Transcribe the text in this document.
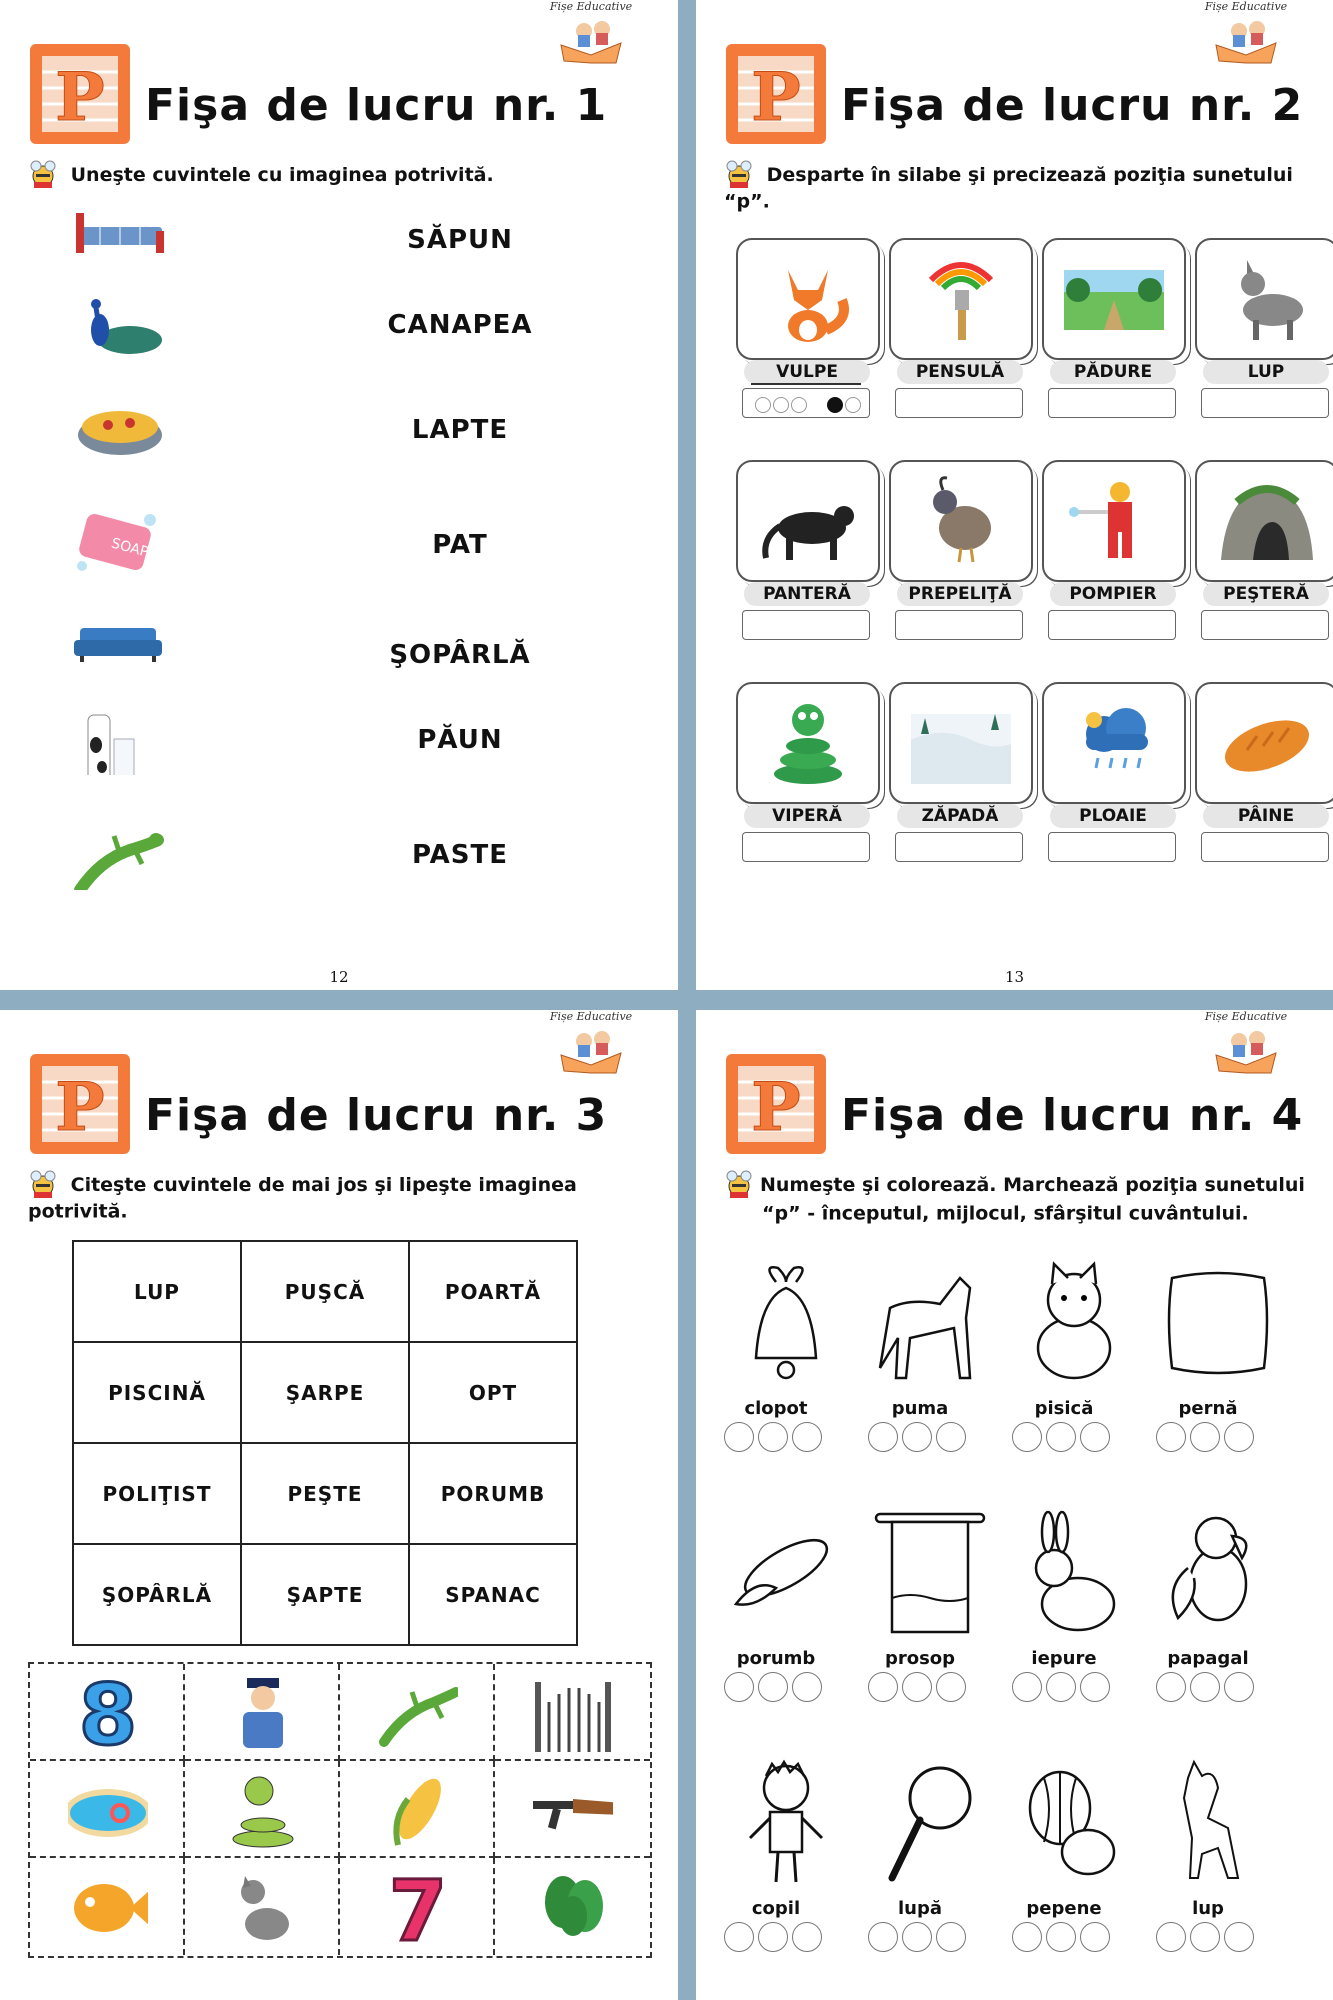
Fișe Educative
P Fişa de lucru nr. 1
Uneşte cuvintele cu imaginea potrivită.
SĂPUN
CANAPEA
LAPTE
SOAP	PAT
ŞOPÂRLĂ
PĂUN
PASTE
12
Fișe Educative
P Fişa de lucru nr. 2
Desparte în silabe şi precizează poziţia sunetului “p”.
VULPE	PENSULĂ	PĂDURE	LUP
PANTERĂ	PREPELIŢĂ	POMPIER	PEŞTERĂ
VIPERĂ	ZĂPADĂ	PLOAIE	PÂINE
13
Fișe Educative
P Fişa de lucru nr. 3
Citeşte cuvintele de mai jos şi lipeşte imaginea potrivită.
LUP	PUŞCĂ	POARTĂ
PISCINĂ	ŞARPE	OPT
POLIŢIST	PEŞTE	PORUMB
ŞOPÂRLĂ	ŞAPTE	SPANAC
8
7
Fișe Educative
P Fişa de lucru nr. 4
Numeşte şi colorează. Marchează poziţia sunetului “p” - începutul, mijlocul, sfârşitul cuvântului.
clopot	puma	pisică	pernă
porumb	prosop	iepure	papagal
copil	lupă	pepene	lup
